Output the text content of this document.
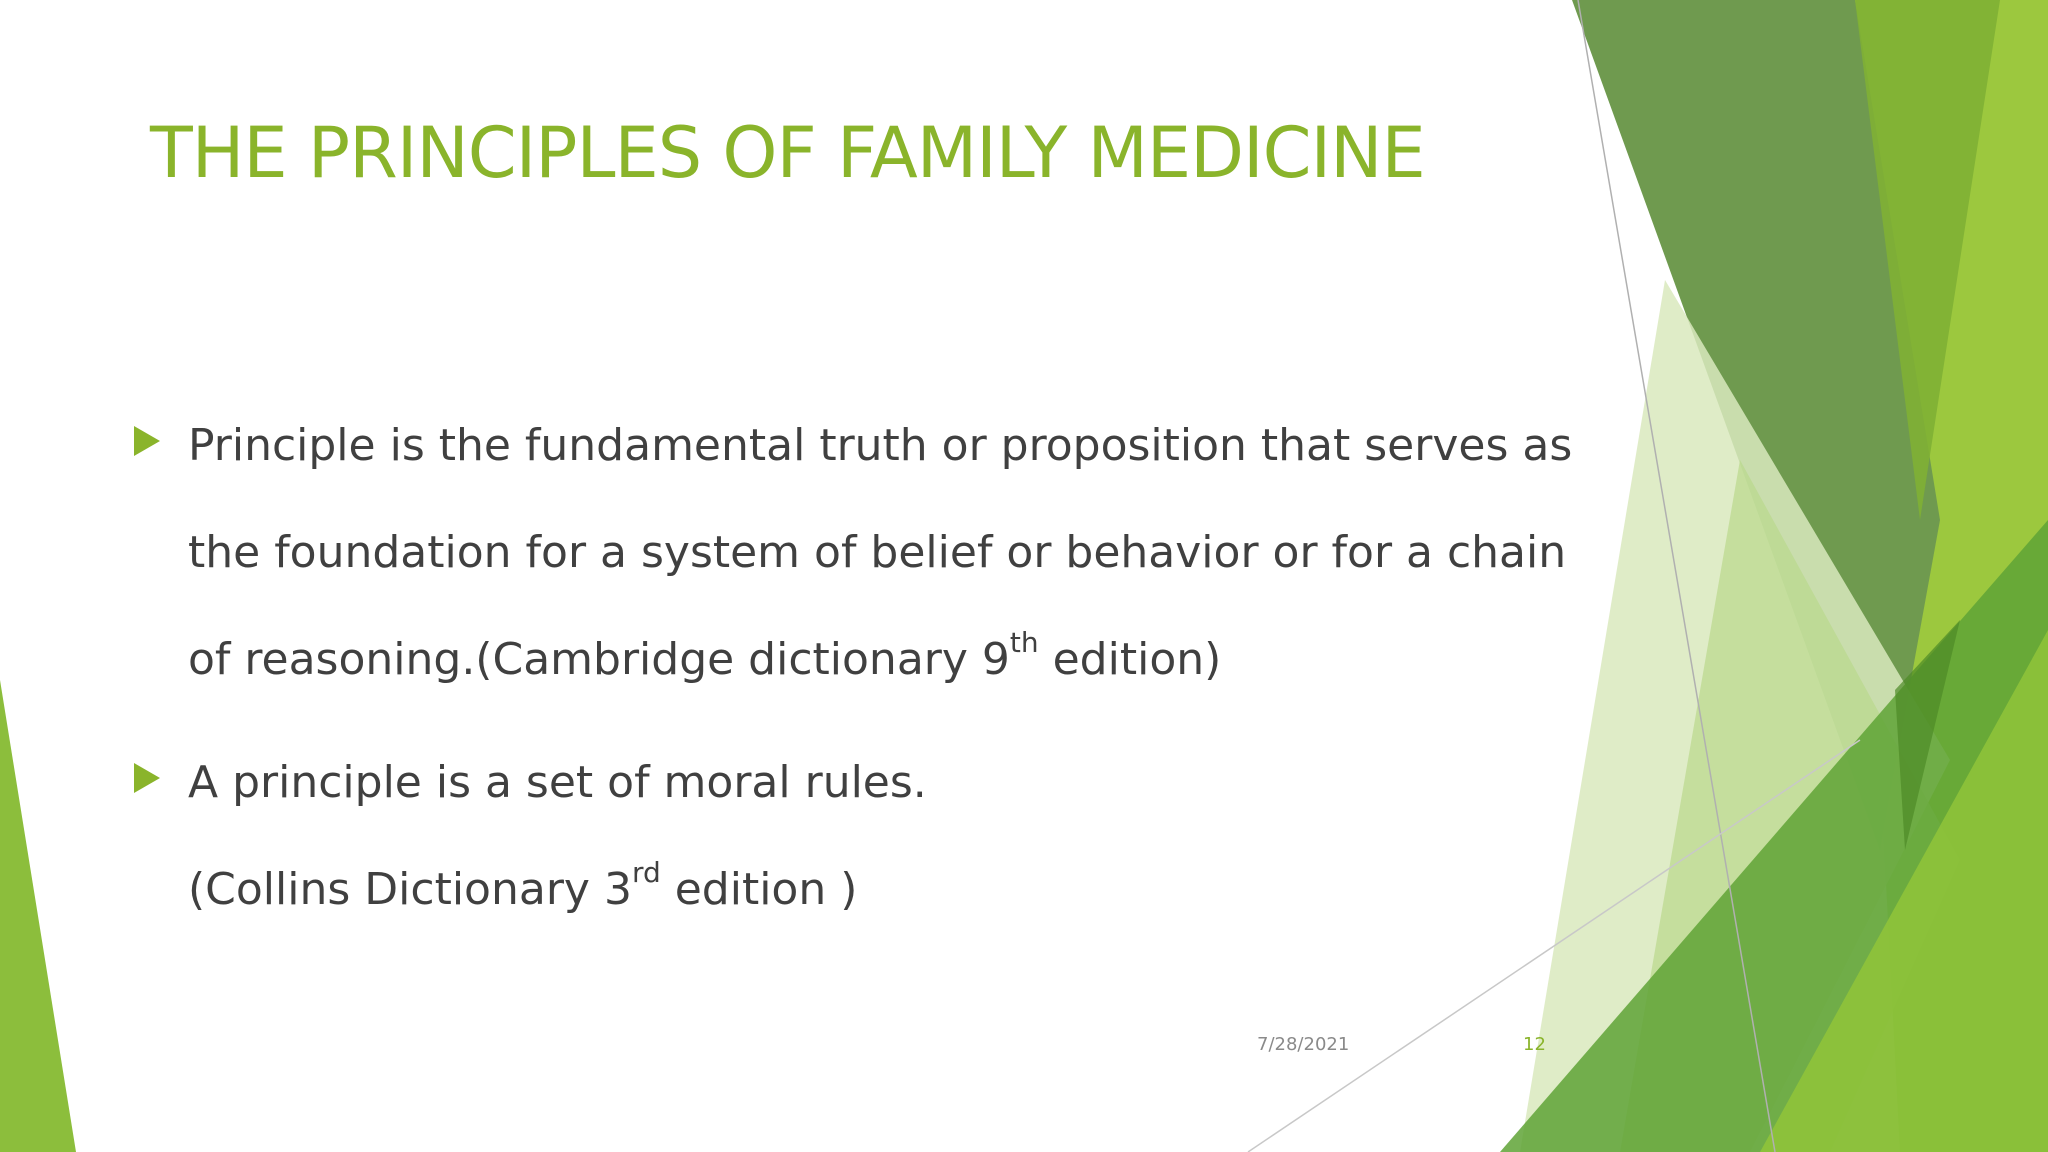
THE PRINCIPLES OF FAMILY MEDICINE
Principle is the fundamental truth or proposition that serves as
the foundation for a system of belief or behavior or for a chain
of reasoning.(Cambridge dictionary 9th edition)
A principle is a set of moral rules.
(Collins Dictionary 3rd edition )
7/28/2021	12
